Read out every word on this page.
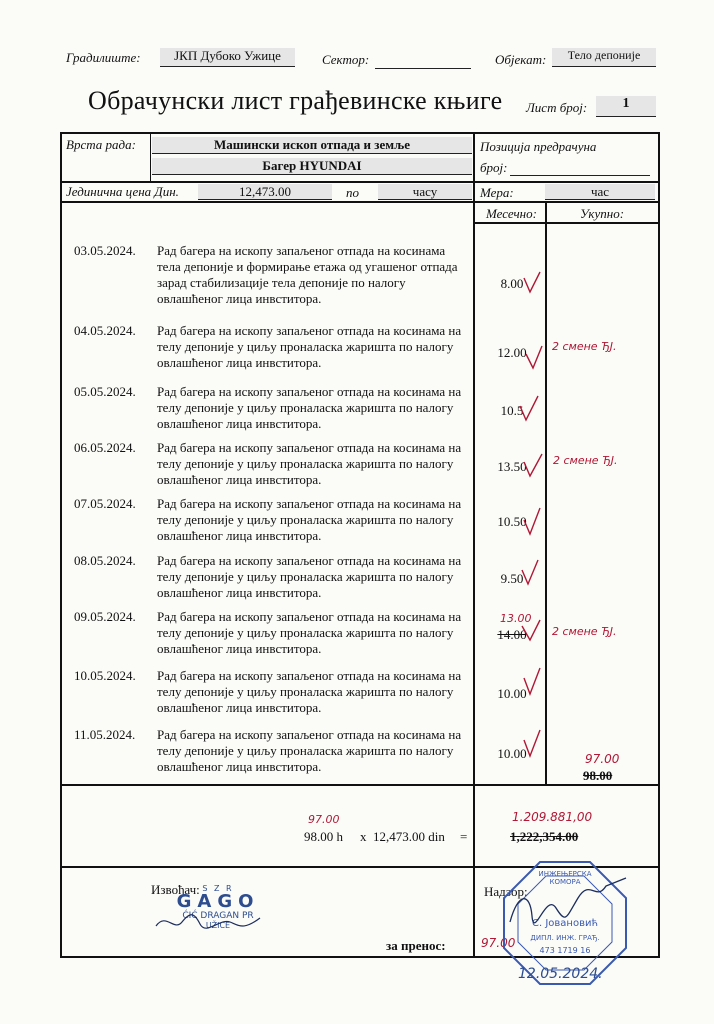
Градилиште:	ЈКП Дубоко Ужице	Сектор:	Објекат:	Тело депоније
Обрачунски лист грађевинске књиге Лист број:	1
Врста рада:	Машински ископ отпада и земље
Багер HYUNDAI
Позиција предрачуна
број:
Јединична цена Дин.	12,473.00	по	часу	Мера:	час
Месечно:	Укупно:
03.05.2024. Рад багера на ископу запаљеног отпада на косинама тела депоније и формирање етажа од угашеног отпада зарад стабилизације тела депоније по налогу овлашћеног лица инвститора.
8.00
04.05.2024. Рад багера на ископу запаљеног отпада на косинама на телу депоније у циљу проналаска жаришта по налогу овлашћеног лица инвститора.
12.00	2 смене ЂЈ.
05.05.2024. Рад багера на ископу запаљеног отпада на косинама на телу депоније у циљу проналаска жаришта по налогу овлашћеног лица инвститора.
10.5
06.05.2024. Рад багера на ископу запаљеног отпада на косинама на телу депоније у циљу проналаска жаришта по налогу овлашћеног лица инвститора.
13.50	2 смене ЂЈ.
07.05.2024. Рад багера на ископу запаљеног отпада на косинама на телу депоније у циљу проналаска жаришта по налогу овлашћеног лица инвститора.
10.50
08.05.2024. Рад багера на ископу запаљеног отпада на косинама на телу депоније у циљу проналаска жаришта по налогу овлашћеног лица инвститора.
9.50
09.05.2024. Рад багера на ископу запаљеног отпада на косинама на телу депоније у циљу проналаска жаришта по налогу овлашћеног лица инвститора.
13.00
14.00	2 смене ЂЈ.
10.05.2024. Рад багера на ископу запаљеног отпада на косинама на телу депоније у циљу проналаска жаришта по налогу овлашћеног лица инвститора.
10.00
11.05.2024. Рад багера на ископу запаљеног отпада на косинама на телу депоније у циљу проналаска жаришта по налогу овлашћеног лица инвститора.
10.00	97.00
98.00
97.00
98.00 h x 12,473.00 din =
1.209.881,00
1,222,354.00
Извођач:	Надзор:
за пренос:	97.00
S Z R
GAGO
ĆIĆ DRAGAN PR
UŽICE
ИНЖЕЊЕРСКА КОМОРА
С. Јовановић
ДИПЛ. ИНЖ. ГРАЂ.
473 1719 16
12.05.2024.
